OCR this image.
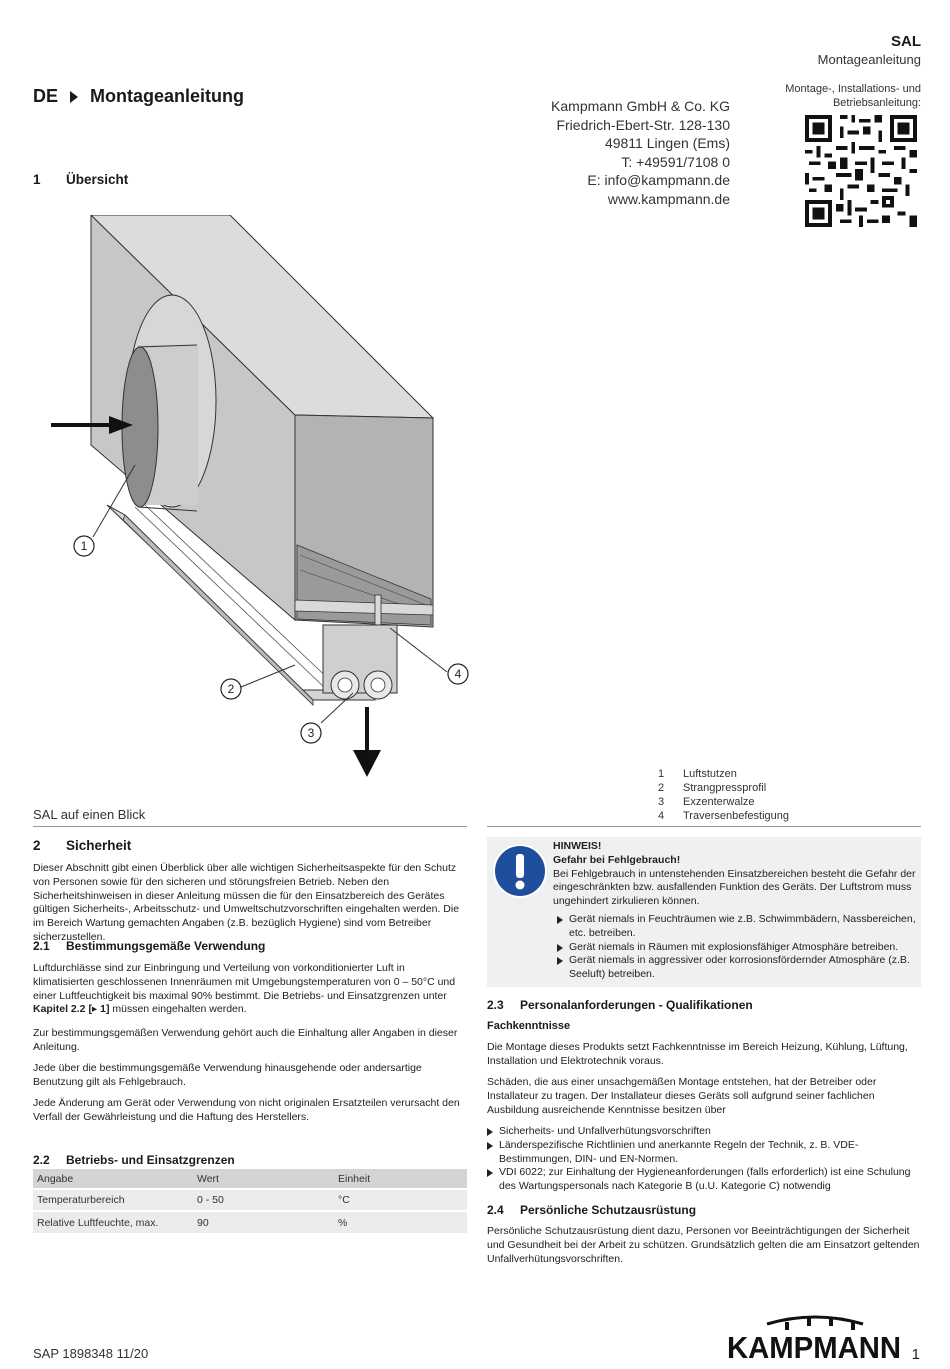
SAL
Montageanleitung
DE Montageanleitung	Kampmann GmbH & Co. KG
Friedrich-Ebert-Str. 128-130
49811 Lingen (Ems)
T: +49591/7108 0
E: info@kampmann.de
www.kampmann.de
Montage-, Installations- und Betriebsanleitung:
1 Übersicht
1
2
3
4
1	Luftstutzen
2	Strangpressprofil
3	Exzenterwalze
4	Traversenbefestigung
SAL auf einen Blick
2 Sicherheit
Dieser Abschnitt gibt einen Überblick über alle wichtigen Sicherheitsaspekte für den Schutz von Personen sowie für den sicheren und störungsfreien Betrieb. Neben den Sicherheitshinweisen in dieser Anleitung müssen die für den Einsatzbereich des Gerätes gültigen Sicherheits-, Arbeitsschutz- und Umweltschutzvorschriften eingehalten werden. Die im Bereich Wartung gemachten Angaben (z.B. bezüglich Hygiene) sind vom Betreiber sicherzustellen.
2.1 Bestimmungsgemäße Verwendung
Luftdurchlässe sind zur Einbringung und Verteilung von vorkonditionierter Luft in klimatisierten geschlossenen Innenräumen mit Umgebungstemperaturen von 0 – 50°C und einer Luftfeuchtigkeit bis maximal 90% bestimmt. Die Betriebs- und Einsatzgrenzen unter Kapitel 2.2 [▸ 1] müssen eingehalten werden.
Zur bestimmungsgemäßen Verwendung gehört auch die Einhaltung aller Angaben in dieser Anleitung.
Jede über die bestimmungsgemäße Verwendung hinausgehende oder andersartige Benutzung gilt als Fehlgebrauch.
Jede Änderung am Gerät oder Verwendung von nicht originalen Ersatzteilen verursacht den Verfall der Gewährleistung und die Haftung des Herstellers.
2.2 Betriebs- und Einsatzgrenzen
Angabe	Wert	Einheit
Temperaturbereich	0 - 50	°C
Relative Luftfeuchte, max.	90	%
HINWEIS!
Gefahr bei Fehlgebrauch!
Bei Fehlgebrauch in untenstehenden Einsatzbereichen besteht die Gefahr der eingeschränkten bzw. ausfallenden Funktion des Geräts. Der Luftstrom muss ungehindert zirkulieren können.
Gerät niemals in Feuchträumen wie z.B. Schwimmbädern, Nassbereichen, etc. betreiben.
Gerät niemals in Räumen mit explosionsfähiger Atmosphäre betreiben.
Gerät niemals in aggressiver oder korrosionsfördernder Atmosphäre (z.B. Seeluft) betreiben.
2.3 Personalanforderungen - Qualifikationen
Fachkenntnisse
Die Montage dieses Produkts setzt Fachkenntnisse im Bereich Heizung, Kühlung, Lüftung, Installation und Elektrotechnik voraus.
Schäden, die aus einer unsachgemäßen Montage entstehen, hat der Betreiber oder Installateur zu tragen. Der Installateur dieses Geräts soll aufgrund seiner fachlichen Ausbildung ausreichende Kenntnisse besitzen über
Sicherheits- und Unfallverhütungsvorschriften
Länderspezifische Richtlinien und anerkannte Regeln der Technik, z. B. VDE-Bestimmungen, DIN- und EN-Normen.
VDI 6022; zur Einhaltung der Hygieneanforderungen (falls erforderlich) ist eine Schulung des Wartungspersonals nach Kategorie B (u.U. Kategorie C) notwendig
2.4 Persönliche Schutzausrüstung
Persönliche Schutzausrüstung dient dazu, Personen vor Beeinträchtigungen der Sicherheit und Gesundheit bei der Arbeit zu schützen. Grundsätzlich gelten die am Einsatzort geltenden Unfallverhütungsvorschriften.
SAP 1898348 11/20	KAMPMANN 1
